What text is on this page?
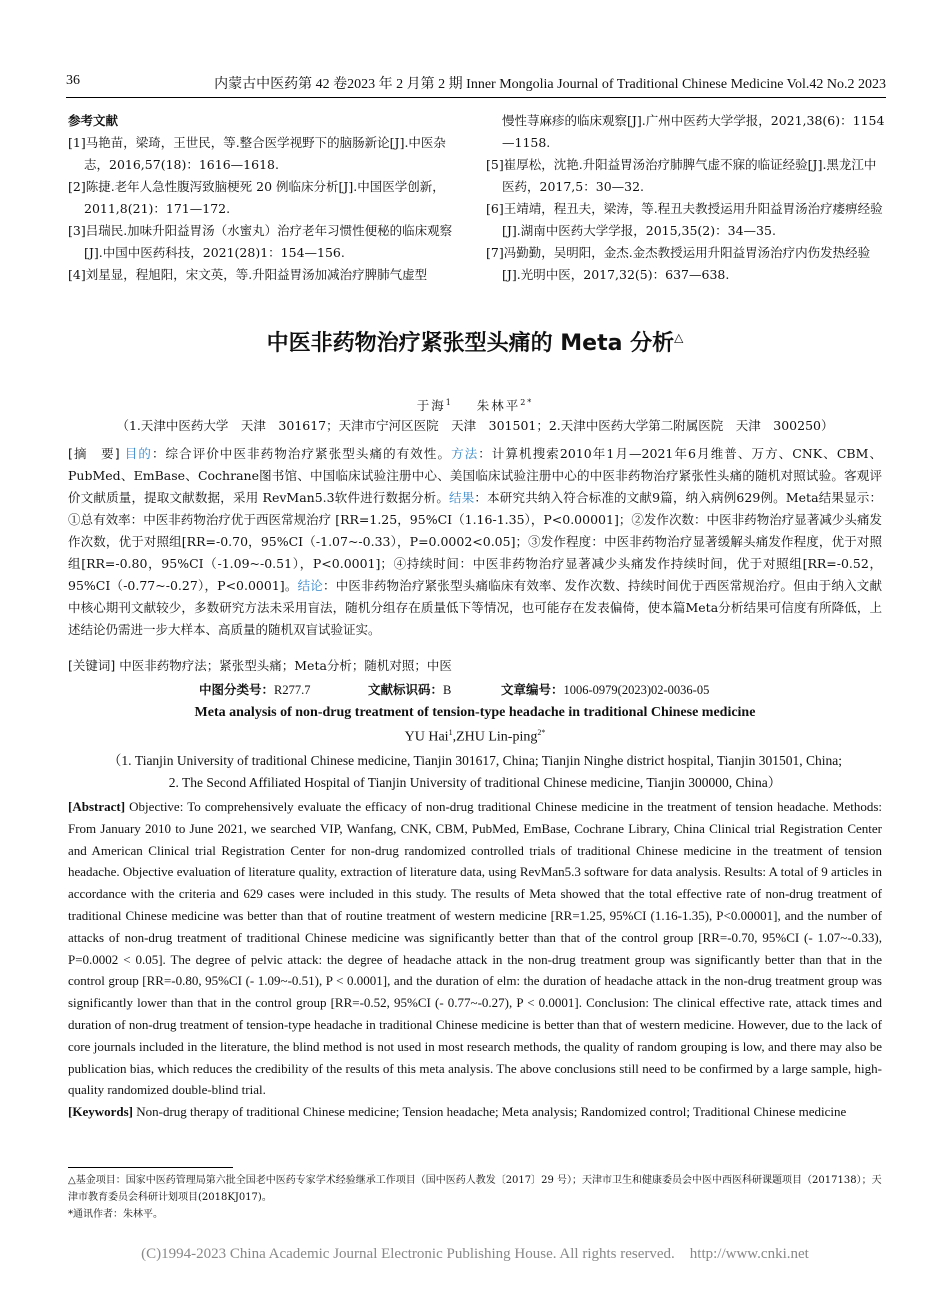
36	内蒙古中医药第 42 卷2023 年 2 月第 2 期 Inner Mongolia Journal of Traditional Chinese Medicine Vol.42 No.2 2023
参考文献
[1]马艳苗，梁琦，王世民，等.整合医学视野下的脑肠新论[J].中医杂志，2016,57(18)：1616—1618.
[2]陈捷.老年人急性腹泻致脑梗死 20 例临床分析[J].中国医学创新，2011,8(21)：171—172.
[3]吕瑞民.加味升阳益胃汤（水蜜丸）治疗老年习惯性便秘的临床观察[J].中国中医药科技，2021(28)1：154—156.
[4]刘星显，程旭阳，宋文英，等.升阳益胃汤加减治疗脾肺气虚型
慢性荨麻疹的临床观察[J].广州中医药大学学报，2021,38(6)：1154—1158.
[5]崔厚松，沈艳.升阳益胃汤治疗肺脾气虚不寐的临证经验[J].黑龙江中医药，2017,5：30—32.
[6]王靖靖，程丑夫，梁涛，等.程丑夫教授运用升阳益胃汤治疗痿痹经验[J].湖南中医药大学学报，2015,35(2)：34—35.
[7]冯勤勤，吴明阳，金杰.金杰教授运用升阳益胃汤治疗内伤发热经验[J].光明中医，2017,32(5)：637—638.
中医非药物治疗紧张型头痛的 Meta 分析△
于海$^1$ 朱林平$^{2*}$
（1.天津中医药大学　天津　301617；天津市宁河区医院　天津　301501；2.天津中医药大学第二附属医院　天津　300250）
[摘　要] 目的：综合评价中医非药物治疗紧张型头痛的有效性。方法：计算机搜索2010年1月—2021年6月维普、万方、CNK、CBM、PubMed、EmBase、Cochrane图书馆、中国临床试验注册中心、美国临床试验注册中心的中医非药物治疗紧张性头痛的随机对照试验。客观评价文献质量，提取文献数据，采用 RevMan5.3软件进行数据分析。结果：本研究共纳入符合标准的文献9篇，纳入病例629例。Meta结果显示：①总有效率：中医非药物治疗优于西医常规治疗 [RR=1.25，95%CI（1.16-1.35），P<0.00001]；②发作次数：中医非药物治疗显著减少头痛发作次数，优于对照组[RR=-0.70，95%CI（-1.07~-0.33），P=0.0002<0.05]；③发作程度：中医非药物治疗显著缓解头痛发作程度，优于对照组[RR=-0.80，95%CI（-1.09~-0.51），P<0.0001]；④持续时间：中医非药物治疗显著减少头痛发作持续时间，优于对照组[RR=-0.52，95%CI（-0.77~-0.27），P<0.0001]。结论：中医非药物治疗紧张型头痛临床有效率、发作次数、持续时间优于西医常规治疗。但由于纳入文献中核心期刊文献较少，多数研究方法未采用盲法，随机分组存在质量低下等情况，也可能存在发表偏倚，使本篇Meta分析结果可信度有所降低，上述结论仍需进一步大样本、高质量的随机双盲试验证实。
[关键词] 中医非药物疗法；紧张型头痛；Meta分析；随机对照；中医
中图分类号：R277.7	文献标识码：B	文章编号：1006-0979(2023)02-0036-05
Meta analysis of non-drug treatment of tension-type headache in traditional Chinese medicine
YU Hai$^1$,ZHU Lin-ping$^{2*}$
（1. Tianjin University of traditional Chinese medicine, Tianjin 301617, China; Tianjin Ninghe district hospital, Tianjin 301501, China;
2. The Second Affiliated Hospital of Tianjin University of traditional Chinese medicine, Tianjin 300000, China）
[Abstract] Objective: To comprehensively evaluate the efficacy of non-drug traditional Chinese medicine in the treatment of tension headache. Methods: From January 2010 to June 2021, we searched VIP, Wanfang, CNK, CBM, PubMed, EmBase, Cochrane Library, China Clinical trial Registration Center and American Clinical trial Registration Center for non-drug randomized controlled trials of traditional Chinese medicine in the treatment of tension headache. Objective evaluation of literature quality, extraction of literature data, using RevMan5.3 software for data analysis. Results: A total of 9 articles in accordance with the criteria and 629 cases were included in this study. The results of Meta showed that the total effective rate of non-drug treatment of traditional Chinese medicine was better than that of routine treatment of western medicine [RR=1.25, 95%CI (1.16-1.35), P<0.00001], and the number of attacks of non-drug treatment of traditional Chinese medicine was significantly better than that of the control group [RR=-0.70, 95%CI (- 1.07~-0.33), P=0.0002 < 0.05]. The degree of pelvic attack: the degree of headache attack in the non-drug treatment group was significantly better than that in the control group [RR=-0.80, 95%CI (- 1.09~-0.51), P < 0.0001], and the duration of elm: the duration of headache attack in the non-drug treatment group was significantly lower than that in the control group [RR=-0.52, 95%CI (- 0.77~-0.27), P < 0.0001]. Conclusion: The clinical effective rate, attack times and duration of non-drug treatment of tension-type headache in traditional Chinese medicine is better than that of western medicine. However, due to the lack of core journals included in the literature, the blind method is not used in most research methods, the quality of random grouping is low, and there may also be publication bias, which reduces the credibility of the results of this meta analysis. The above conclusions still need to be confirmed by a large sample, high-quality randomized double-blind trial.
[Keywords] Non-drug therapy of traditional Chinese medicine; Tension headache; Meta analysis; Randomized control; Traditional Chinese medicine
△基金项目：国家中医药管理局第六批全国老中医药专家学术经验继承工作项目（国中医药人教发〔2017〕29 号）；天津市卫生和健康委员会中医中西医科研课题项目（2017138）；天津市教育委员会科研计划项目(2018KJ017)。
*通讯作者：朱林平。
(C)1994-2023 China Academic Journal Electronic Publishing House. All rights reserved.　http://www.cnki.net
